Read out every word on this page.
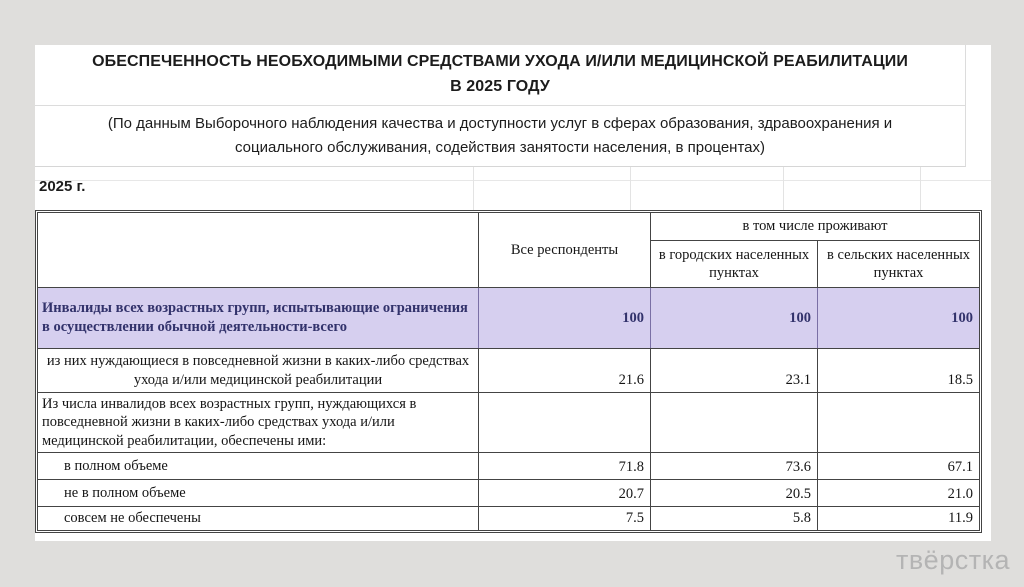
ОБЕСПЕЧЕННОСТЬ НЕОБХОДИМЫМИ СРЕДСТВАМИ УХОДА И/ИЛИ МЕДИЦИНСКОЙ РЕАБИЛИТАЦИИ
В 2025 ГОДУ
(По данным Выборочного наблюдения качества и доступности услуг в сферах образования, здравоохранения и
социального обслуживания, содействия занятости населения, в процентах)
2025 г.
	Все респонденты	в том числе проживают	
		в городских населенных пунктах	в сельских населенных пунктах
Инвалиды всех возрастных групп, испытывающие ограничения в осуществлении обычной деятельности-всего	100	100	100
из них нуждающиеся в повседневной жизни в каких-либо средствах ухода и/или медицинской реабилитации	21.6	23.1	18.5
Из числа инвалидов всех возрастных групп, нуждающихся в повседневной жизни в каких-либо средствах ухода и/или медицинской реабилитации, обеспечены ими:			
в полном объеме	71.8	73.6	67.1
не в полном объеме	20.7	20.5	21.0
совсем не обеспечены	7.5	5.8	11.9
твёрстка
